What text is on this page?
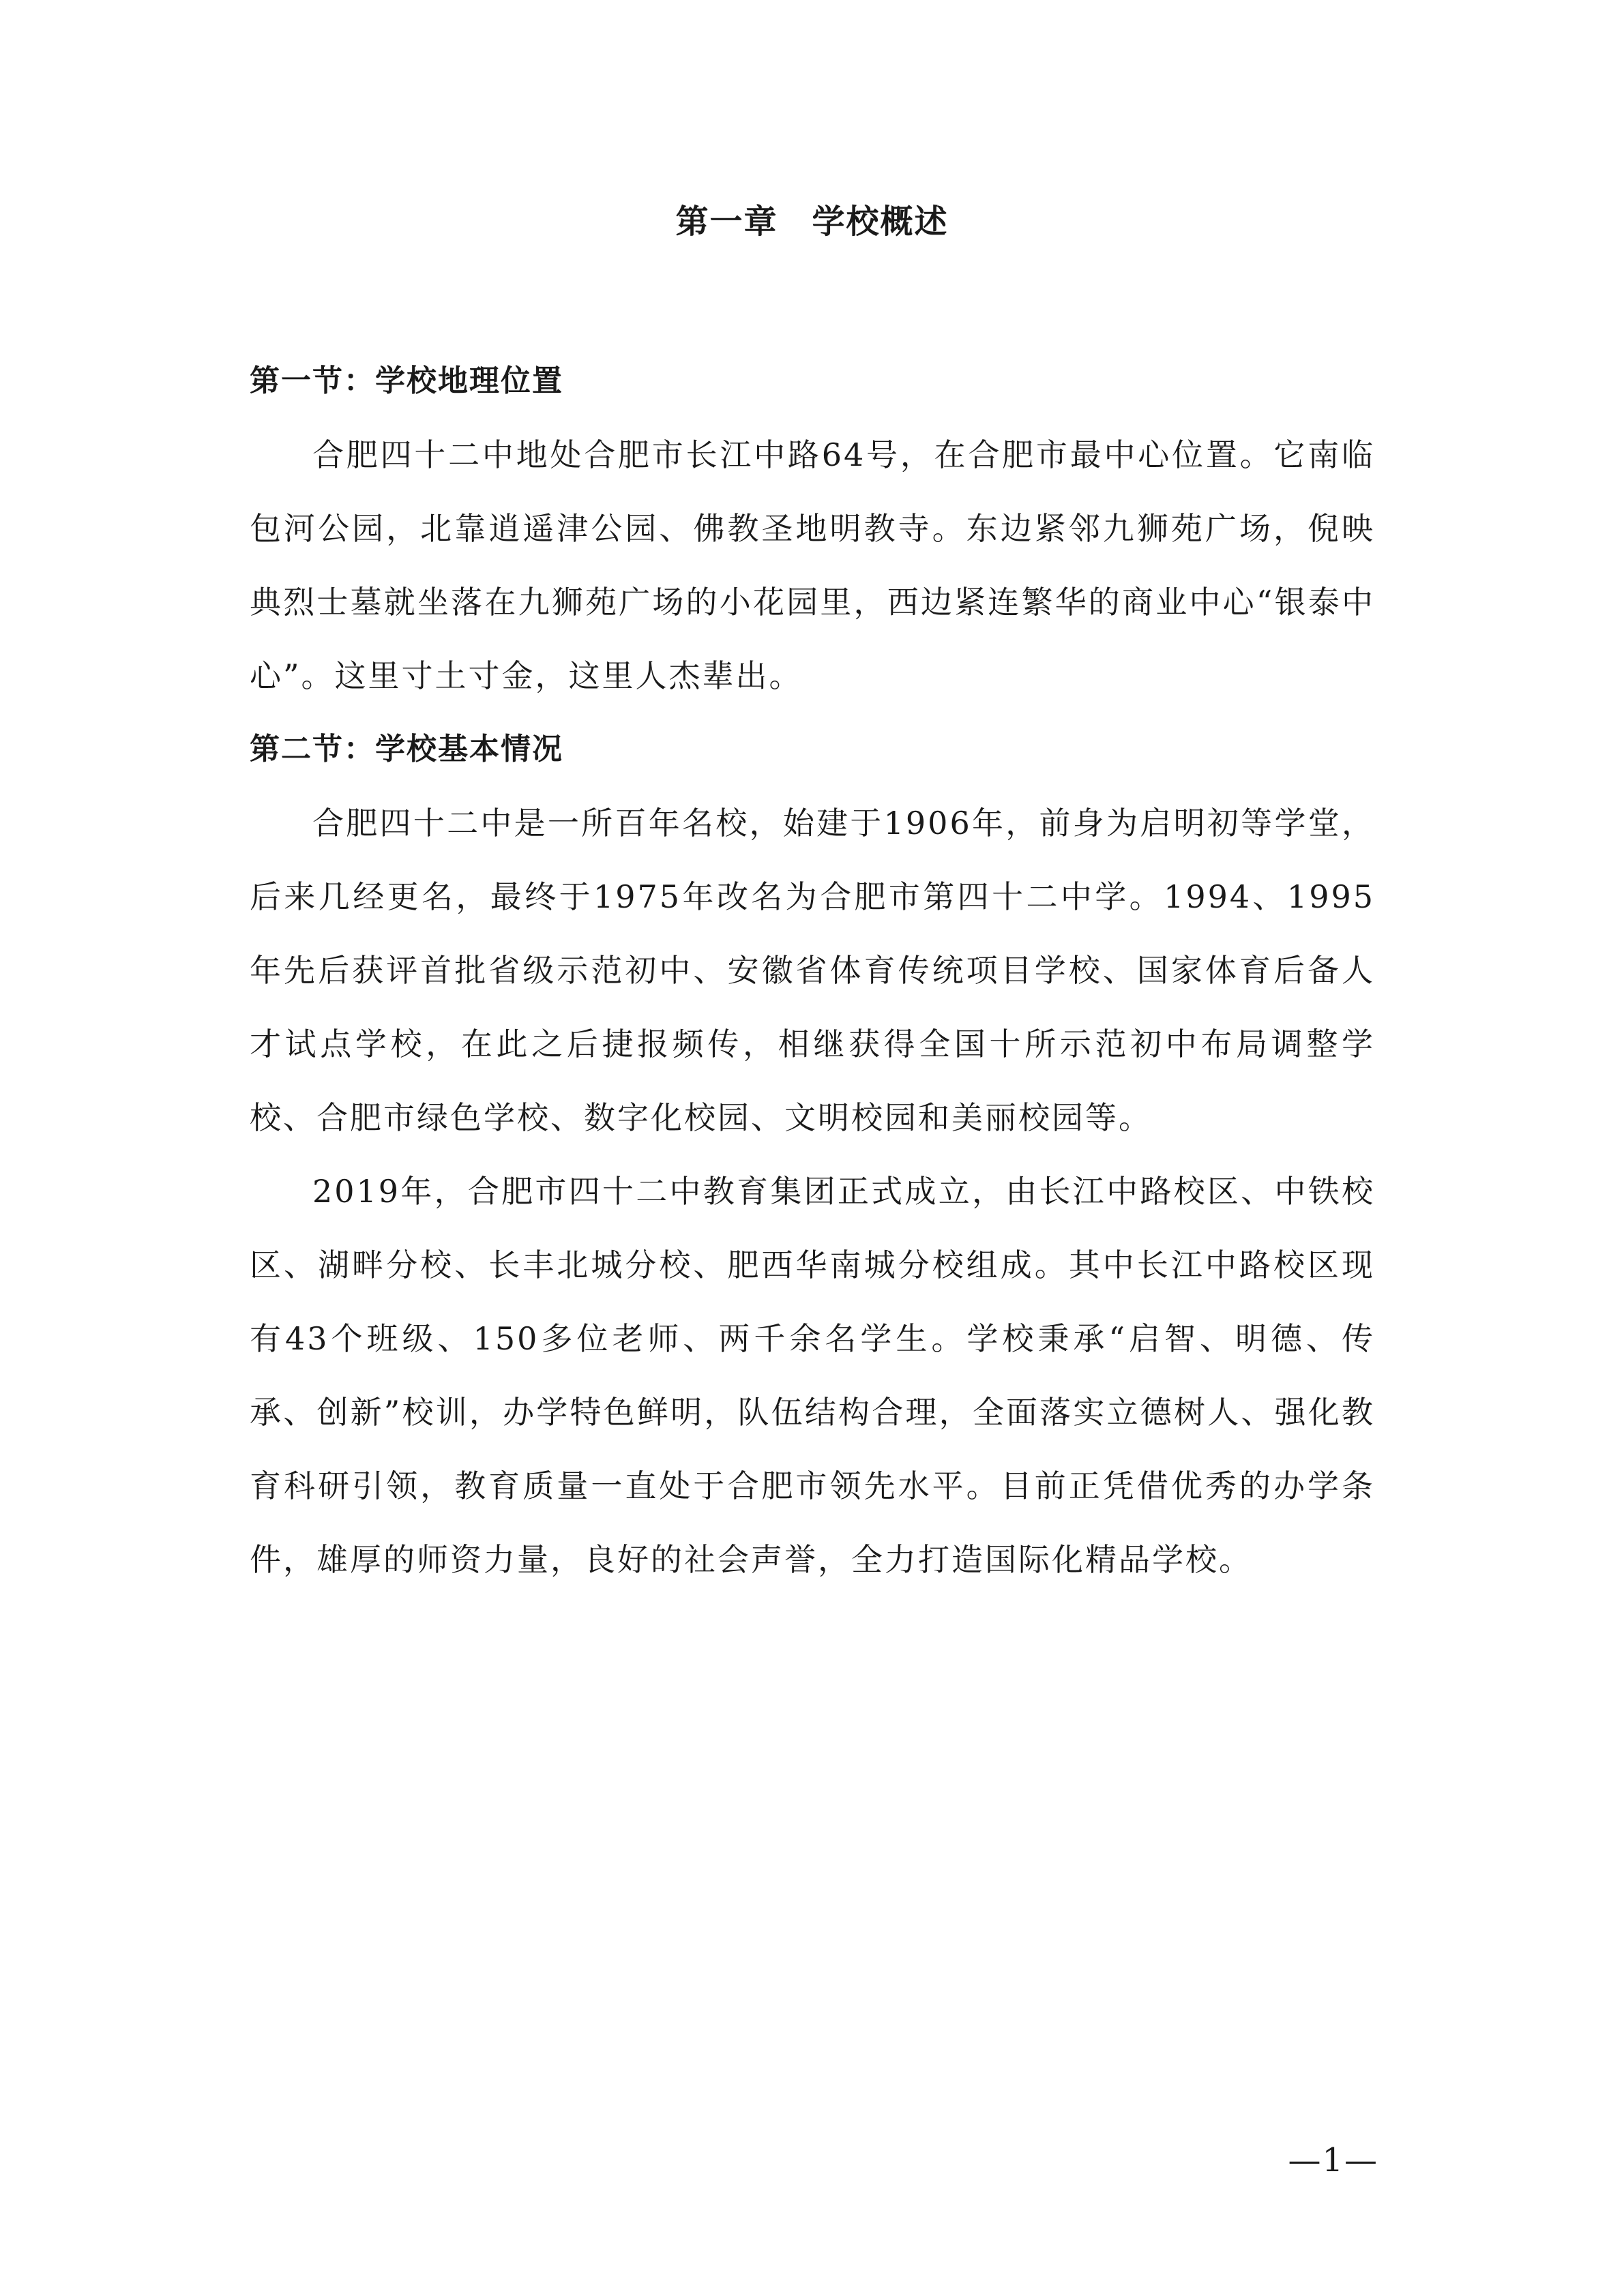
第一章　学校概述
第一节：学校地理位置

合肥四十二中地处合肥市长江中路64号，在合肥市最中心位置。它南临包河公园，北靠逍遥津公园、佛教圣地明教寺。东边紧邻九狮苑广场，倪映典烈士墓就坐落在九狮苑广场的小花园里，西边紧连繁华的商业中心“银泰中心”。这里寸土寸金，这里人杰辈出。

第二节：学校基本情况

合肥四十二中是一所百年名校，始建于1906年，前身为启明初等学堂，后来几经更名，最终于1975年改名为合肥市第四十二中学。1994、1995年先后获评首批省级示范初中、安徽省体育传统项目学校、国家体育后备人才试点学校，在此之后捷报频传，相继获得全国十所示范初中布局调整学校、合肥市绿色学校、数字化校园、文明校园和美丽校园等。

2019年，合肥市四十二中教育集团正式成立，由长江中路校区、中铁校区、湖畔分校、长丰北城分校、肥西华南城分校组成。其中长江中路校区现有43个班级、150多位老师、两千余名学生。学校秉承“启智、明德、传承、创新”校训，办学特色鲜明，队伍结构合理，全面落实立德树人、强化教育科研引领，教育质量一直处于合肥市领先水平。目前正凭借优秀的办学条件，雄厚的师资力量，良好的社会声誉，全力打造国际化精品学校。

—1—
